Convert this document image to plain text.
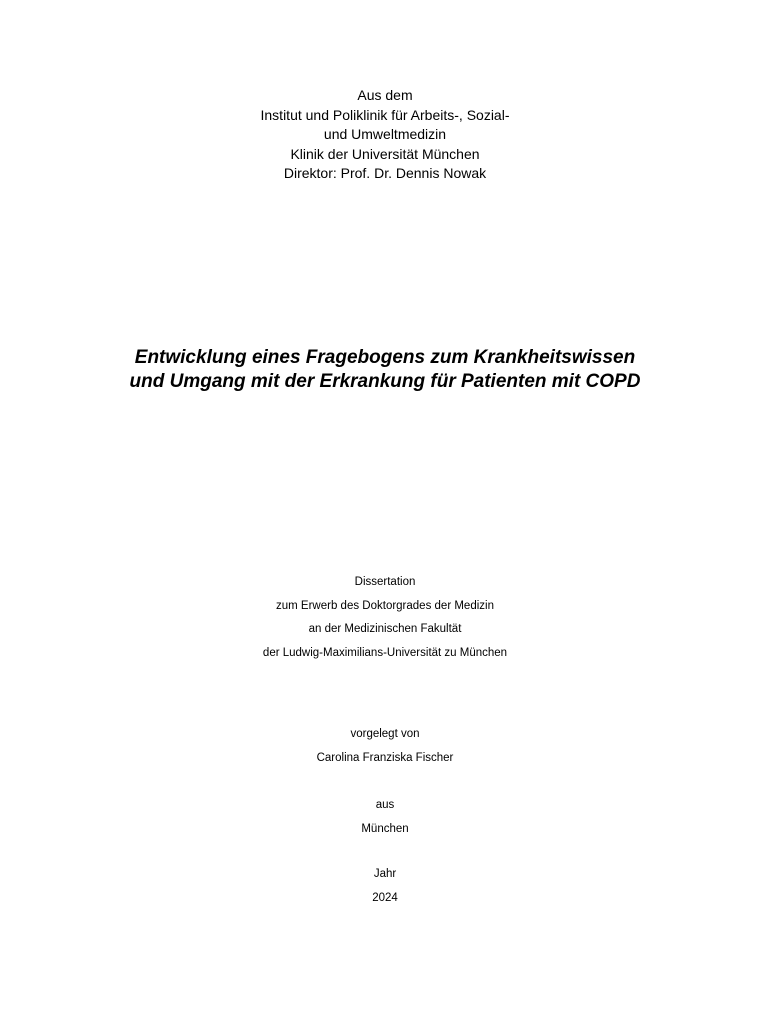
Aus dem
Institut und Poliklinik für Arbeits-, Sozial-
und Umweltmedizin
Klinik der Universität München
Direktor: Prof. Dr. Dennis Nowak
Entwicklung eines Fragebogens zum Krankheitswissen
und Umgang mit der Erkrankung für Patienten mit COPD
Dissertation
zum Erwerb des Doktorgrades der Medizin
an der Medizinischen Fakultät
der Ludwig-Maximilians-Universität zu München
vorgelegt von
Carolina Franziska Fischer
aus
München
Jahr
2024
